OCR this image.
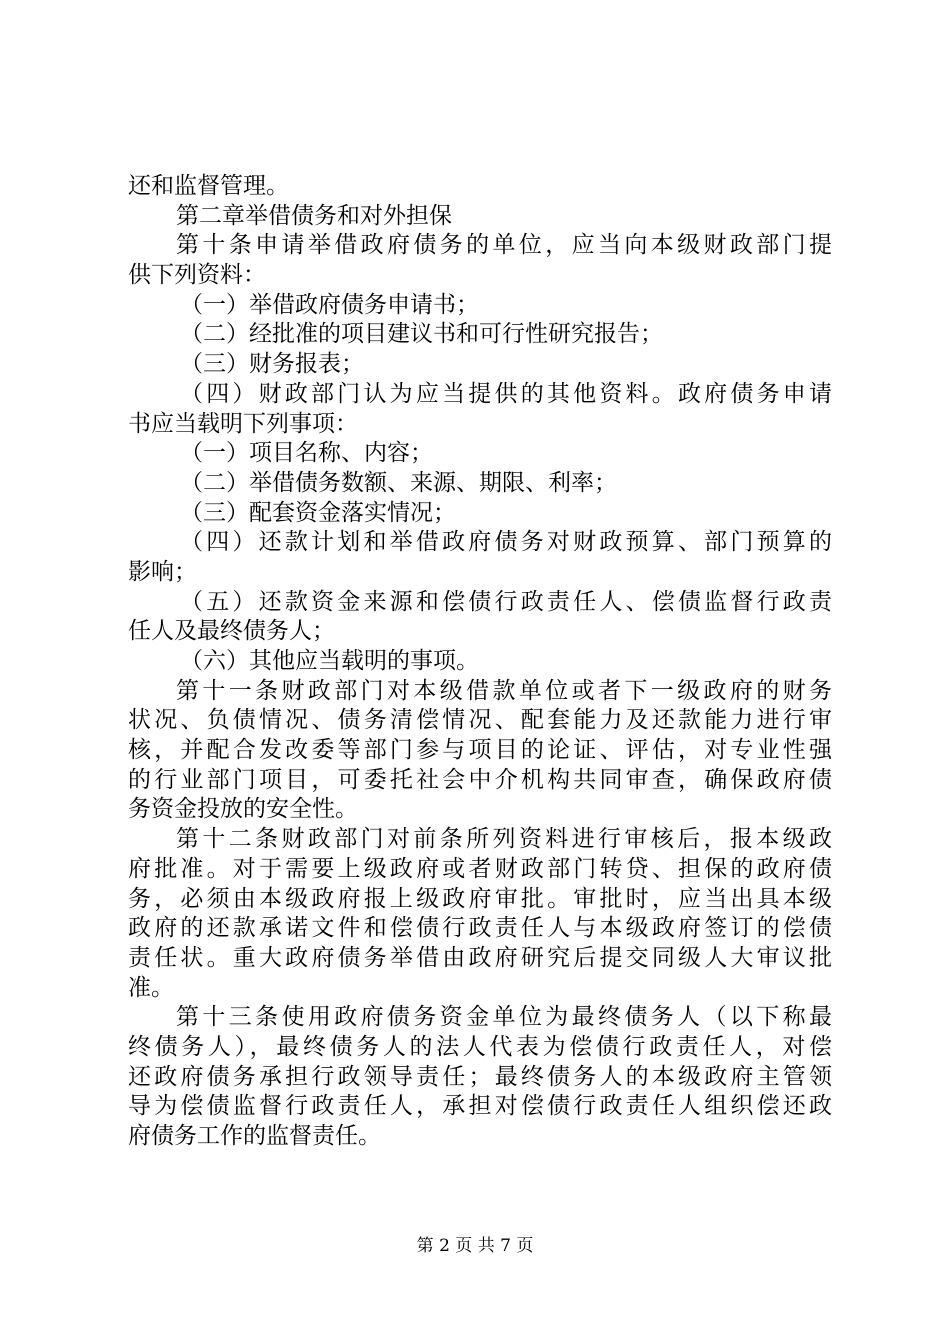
还和监督管理。
第二章举借债务和对外担保
第十条申请举借政府债务的单位，应当向本级财政部门提
供下列资料：
（一）举借政府债务申请书；
（二）经批准的项目建议书和可行性研究报告；
（三）财务报表；
（四）财政部门认为应当提供的其他资料。政府债务申请
书应当载明下列事项：
（一）项目名称、内容；
（二）举借债务数额、来源、期限、利率；
（三）配套资金落实情况；
（四）还款计划和举借政府债务对财政预算、部门预算的
影响；
（五）还款资金来源和偿债行政责任人、偿债监督行政责
任人及最终债务人；
（六）其他应当载明的事项。
第十一条财政部门对本级借款单位或者下一级政府的财务
状况、负债情况、债务清偿情况、配套能力及还款能力进行审
核，并配合发改委等部门参与项目的论证、评估，对专业性强
的行业部门项目，可委托社会中介机构共同审查，确保政府债
务资金投放的安全性。
第十二条财政部门对前条所列资料进行审核后，报本级政
府批准。对于需要上级政府或者财政部门转贷、担保的政府债
务，必须由本级政府报上级政府审批。审批时，应当出具本级
政府的还款承诺文件和偿债行政责任人与本级政府签订的偿债
责任状。重大政府债务举借由政府研究后提交同级人大审议批
准。
第十三条使用政府债务资金单位为最终债务人（以下称最
终债务人），最终债务人的法人代表为偿债行政责任人，对偿
还政府债务承担行政领导责任；最终债务人的本级政府主管领
导为偿债监督行政责任人，承担对偿债行政责任人组织偿还政
府债务工作的监督责任。
第 2 页 共 7 页
